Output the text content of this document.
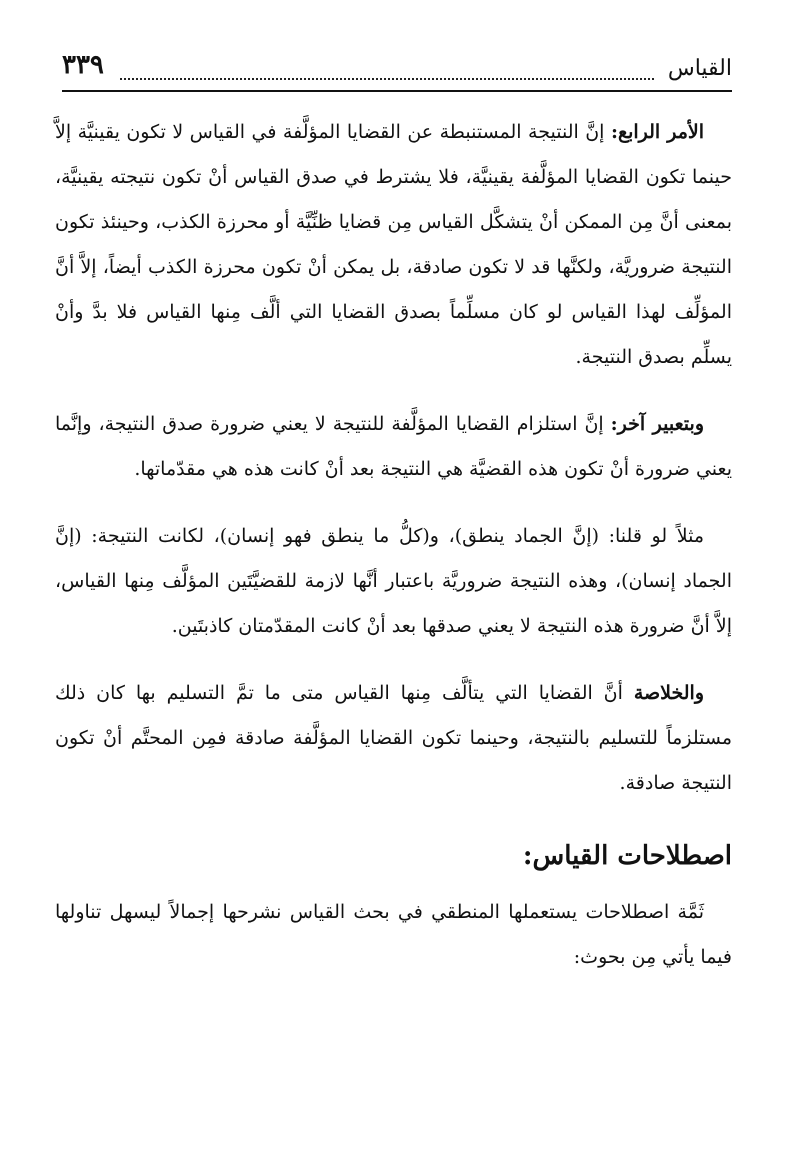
القياس
٣٣٩

الأمر الرابع: إنَّ النتيجة المستنبطة عن القضايا المؤلَّفة في القياس لا تكون يقينيَّة إلاَّ حينما تكون القضايا المؤلَّفة يقينيَّة، فلا يشترط في صدق القياس أنْ تكون نتيجته يقينيَّة، بمعنى أنَّ مِن الممكن أنْ يتشكَّل القياس مِن قضايا ظنِّيَّة أو محرزة الكذب، وحينئذ تكون النتيجة ضروريَّة، ولكنَّها قد لا تكون صادقة، بل يمكن أنْ تكون محرزة الكذب أيضاً، إلاَّ أنَّ المؤلِّف لهذا القياس لو كان مسلِّماً بصدق القضايا التي ألَّف مِنها القياس فلا بدَّ وأنْ يسلِّم بصدق النتيجة.

وبتعبير آخر: إنَّ استلزام القضايا المؤلَّفة للنتيجة لا يعني ضرورة صدق النتيجة، وإنَّما يعني ضرورة أنْ تكون هذه القضيَّة هي النتيجة بعد أنْ كانت هذه هي مقدّماتها.

مثلاً لو قلنا: (إنَّ الجماد ينطق)، و(كلُّ ما ينطق فهو إنسان)، لكانت النتيجة: (إنَّ الجماد إنسان)، وهذه النتيجة ضروريَّة باعتبار أنَّها لازمة للقضيَّتَين المؤلَّف مِنها القياس، إلاَّ أنَّ ضرورة هذه النتيجة لا يعني صدقها بعد أنْ كانت المقدّمتان كاذبتَين.

والخلاصة أنَّ القضايا التي يتألَّف مِنها القياس متى ما تمَّ التسليم بها كان ذلك مستلزماً للتسليم بالنتيجة، وحينما تكون القضايا المؤلَّفة صادقة فمِن المحتَّم أنْ تكون النتيجة صادقة.

اصطلاحات القياس:

ثَمَّة اصطلاحات يستعملها المنطقي في بحث القياس نشرحها إجمالاً ليسهل تناولها فيما يأتي مِن بحوث:
